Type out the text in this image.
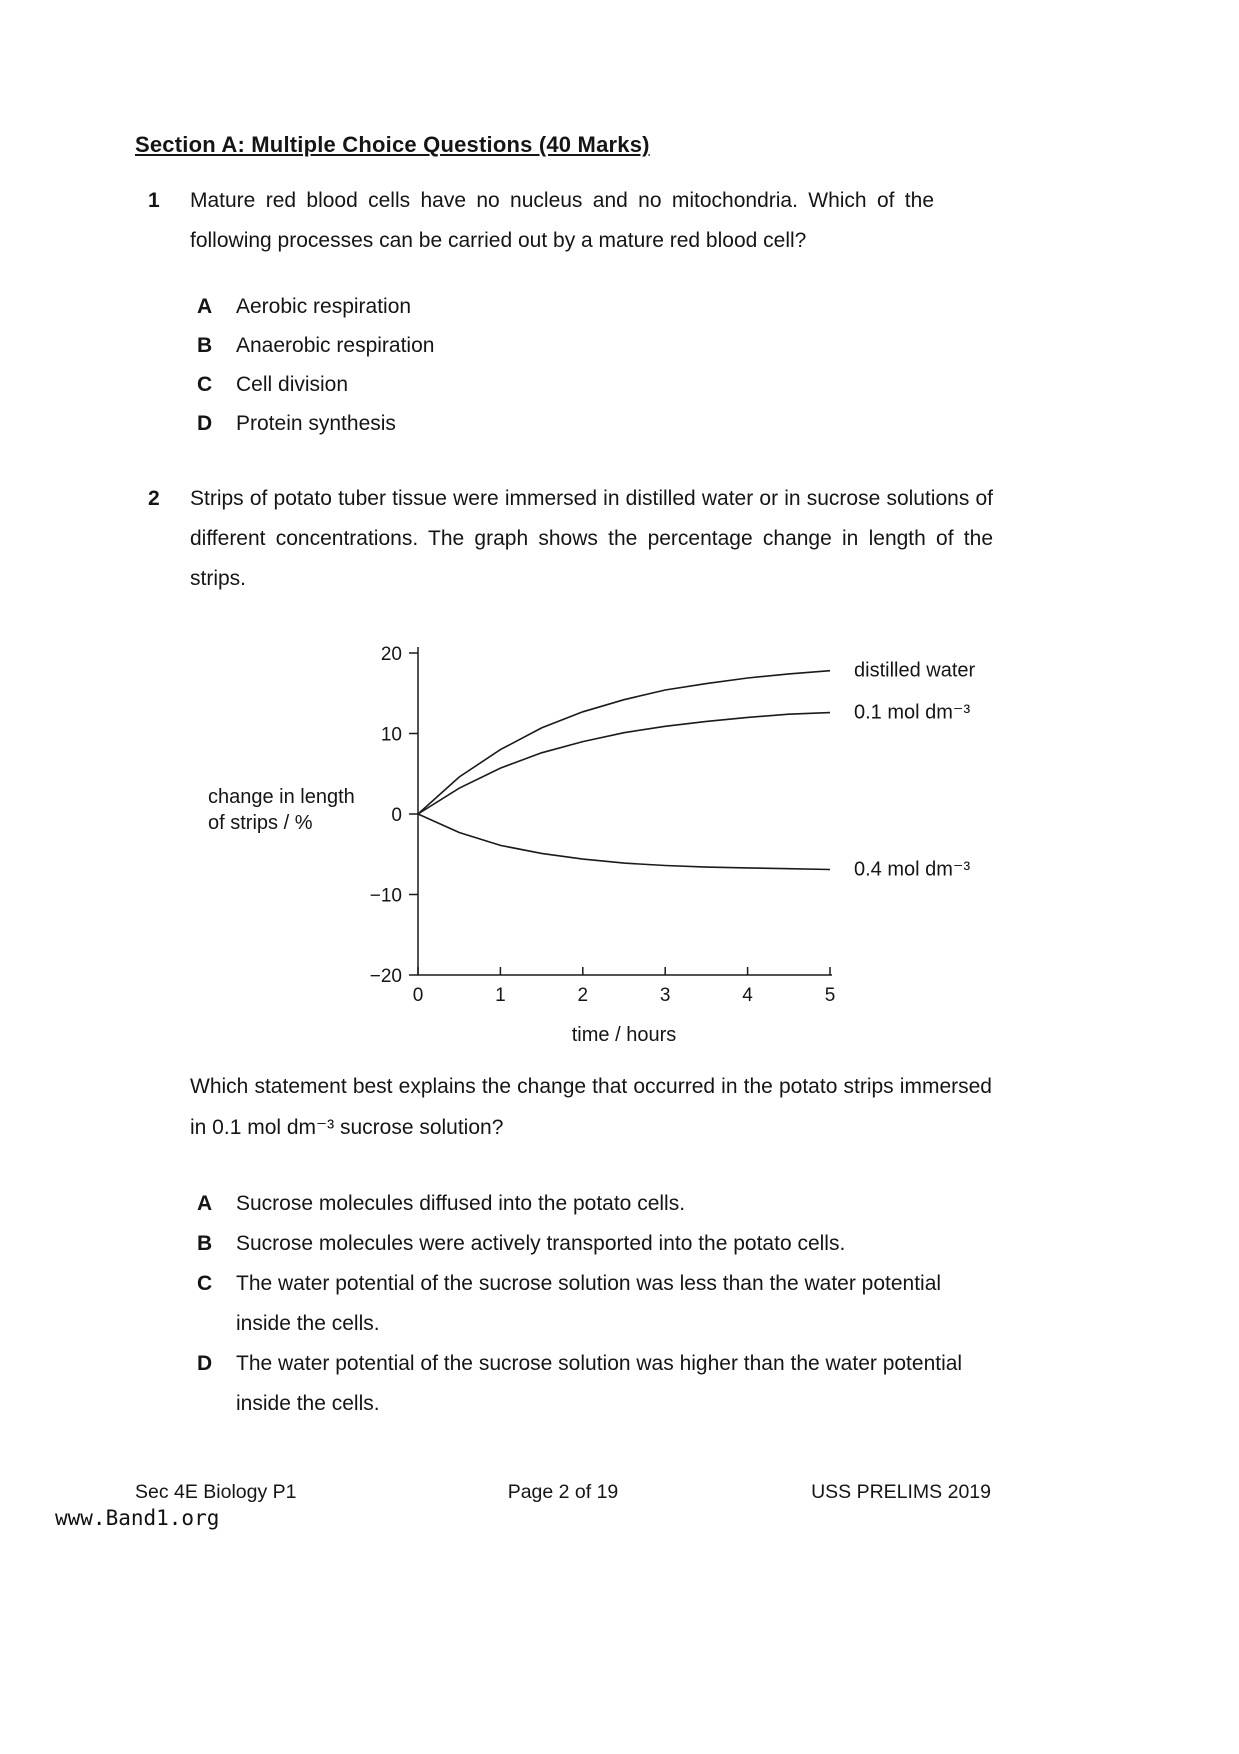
Section A: Multiple Choice Questions (40 Marks)
1	Mature red blood cells have no nucleus and no mitochondria. Which of the following processes can be carried out by a mature red blood cell?
A	Aerobic respiration
B	Anaerobic respiration
C	Cell division
D	Protein synthesis
2	Strips of potato tuber tissue were immersed in distilled water or in sucrose solutions of different concentrations. The graph shows the percentage change in length of the strips.
−20
−10
0
10
20
0	1	2	3	4	5
distilled water
0.1 mol dm⁻³
0.4 mol dm⁻³
time / hours
change in length
of strips / %
Which statement best explains the change that occurred in the potato strips immersed in 0.1 mol dm⁻³ sucrose solution?
A	Sucrose molecules diffused into the potato cells.
B	Sucrose molecules were actively transported into the potato cells.
C	The water potential of the sucrose solution was less than the water potential inside the cells.
D	The water potential of the sucrose solution was higher than the water potential inside the cells.
Sec 4E Biology P1	Page 2 of 19	USS PRELIMS 2019
www.Band1.org
